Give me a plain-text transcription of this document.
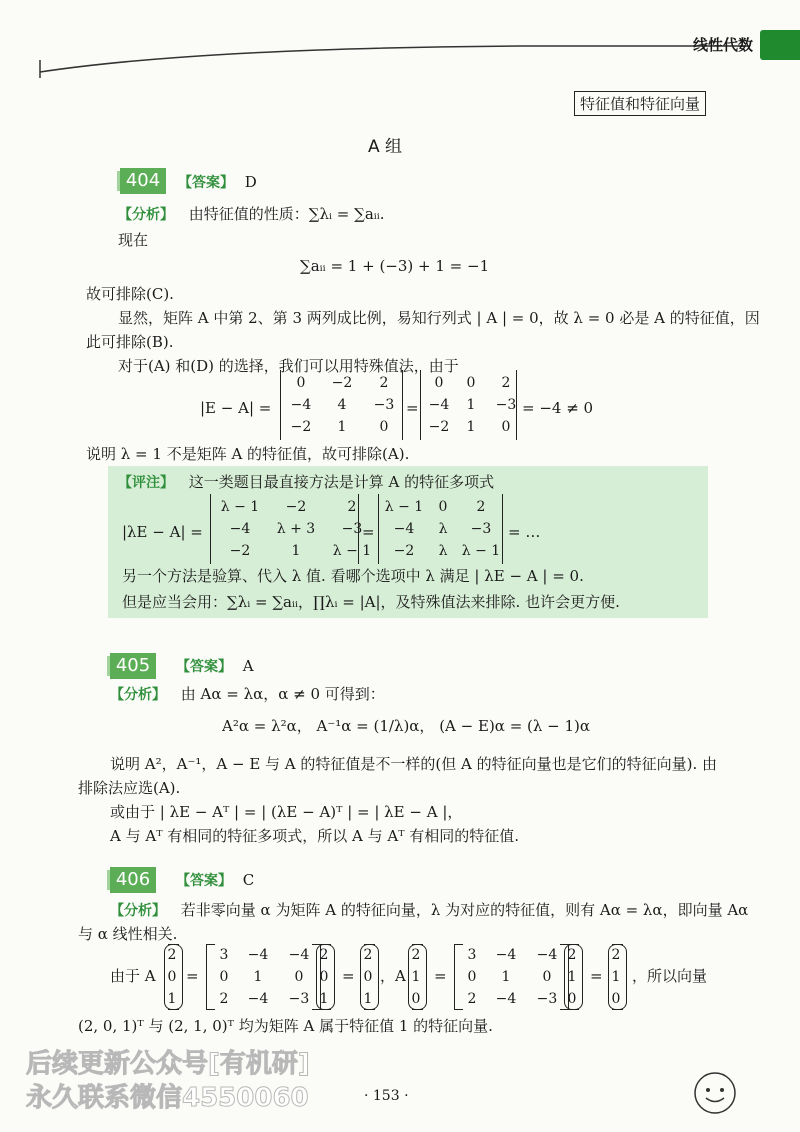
线性代数
特征值和特征向量
A 组
404	【答案】 D
【分析】 由特征值的性质：∑λᵢ = ∑aᵢᵢ.
现在
∑aᵢᵢ = 1 + (−3) + 1 = −1
故可排除(C).
显然，矩阵 A 中第 2、第 3 两列成比例，易知行列式 | A | = 0，故 λ = 0 必是 A 的特征值，因
此可排除(B).
对于(A) 和(D) 的选择，我们可以用特殊值法，由于
|E − A| =
0	−2	2
−4	4	−3
−2	1	0
=
0	0	2
−4	1	−3
−2	1	0
= −4 ≠ 0
说明 λ = 1 不是矩阵 A 的特征值，故可排除(A).
【评注】 这一类题目最直接方法是计算 A 的特征多项式
|λE − A| =
λ − 1	−2	2
−4	λ + 3	−3
−2	1	λ − 1
=
λ − 1	0	2
−4	λ	−3
−2	λ	λ − 1
= …
另一个方法是验算、代入 λ 值. 看哪个选项中 λ 满足 | λE − A | = 0.
但是应当会用：∑λᵢ = ∑aᵢᵢ，∏λᵢ = |A|，及特殊值法来排除. 也许会更方便.
405	【答案】 A
【分析】 由 Aα = λα，α ≠ 0 可得到：
A²α = λ²α， A⁻¹α = (1/λ)α， (A − E)α = (λ − 1)α
说明 A²，A⁻¹，A − E 与 A 的特征值是不一样的(但 A 的特征向量也是它们的特征向量). 由
排除法应选(A).
或由于 | λE − Aᵀ | = | (λE − A)ᵀ | = | λE − A |，
A 与 Aᵀ 有相同的特征多项式，所以 A 与 Aᵀ 有相同的特征值.
406	【答案】 C
【分析】 若非零向量 α 为矩阵 A 的特征向量，λ 为对应的特征值，则有 Aα = λα，即向量 Aα
与 α 线性相关.
由于 A
2
0
1
=
3	−4	−4
0	1	0
2	−4	−3
2
0
1
=
2
0
1
，A
2
1
0
=
3	−4	−4
0	1	0
2	−4	−3
2
1
0
=
2
1
0
，所以向量
(2, 0, 1)ᵀ 与 (2, 1, 0)ᵀ 均为矩阵 A 属于特征值 1 的特征向量.
· 153 ·
后续更新公众号[有机研]
永久联系微信4550060
